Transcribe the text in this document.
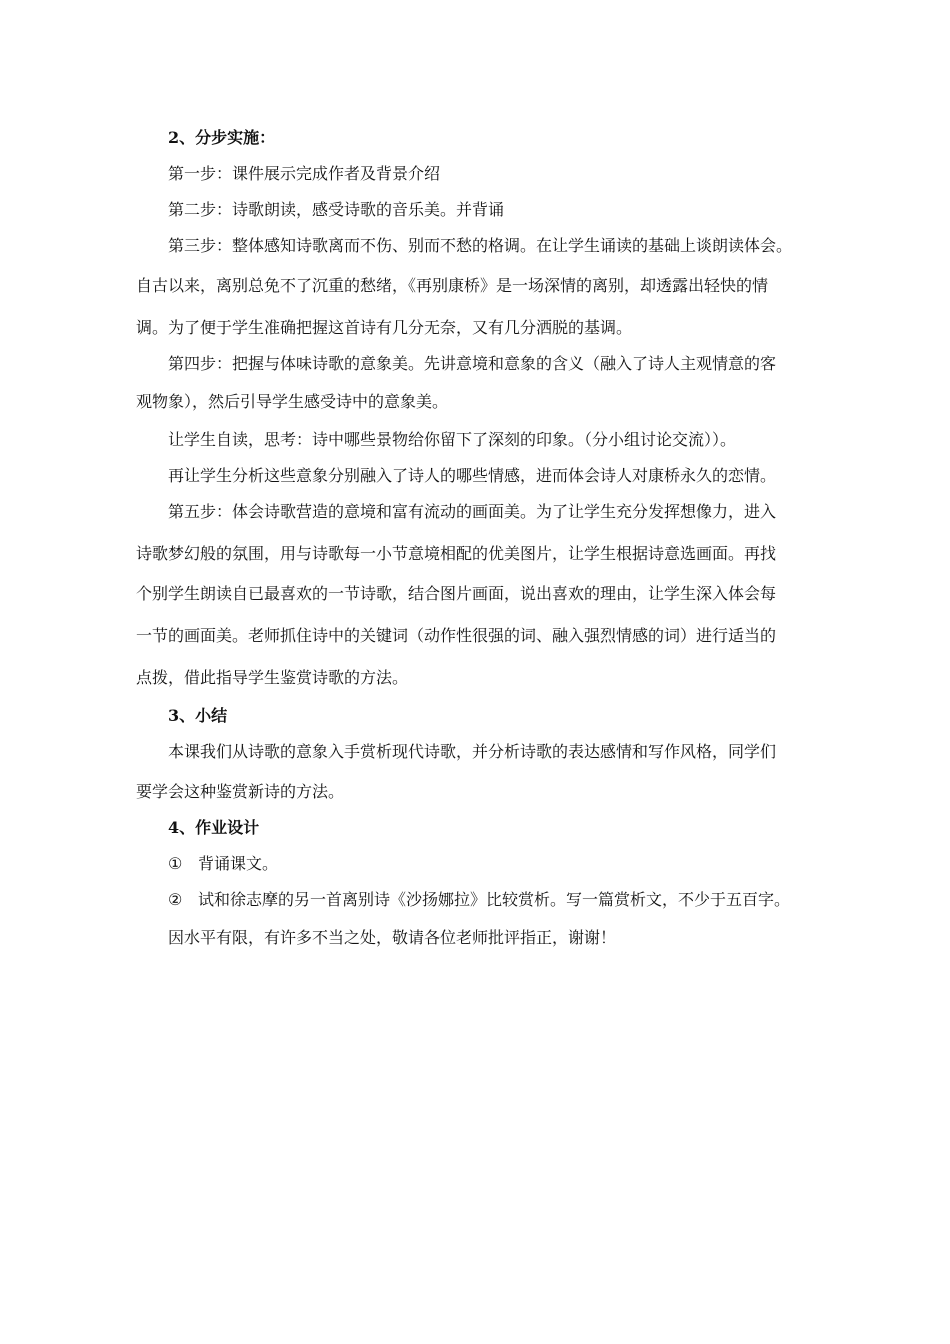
2、分步实施：
第一步：课件展示完成作者及背景介绍
第二步：诗歌朗读，感受诗歌的音乐美。并背诵
第三步：整体感知诗歌离而不伤、别而不愁的格调。在让学生诵读的基础上谈朗读体会。
自古以来，离别总免不了沉重的愁绪，《再别康桥》是一场深情的离别，却透露出轻快的情
调。为了便于学生准确把握这首诗有几分无奈，又有几分洒脱的基调。
第四步：把握与体味诗歌的意象美。先讲意境和意象的含义（融入了诗人主观情意的客
观物象），然后引导学生感受诗中的意象美。
让学生自读，思考：诗中哪些景物给你留下了深刻的印象。（分小组讨论交流））。
再让学生分析这些意象分别融入了诗人的哪些情感，进而体会诗人对康桥永久的恋情。
第五步：体会诗歌营造的意境和富有流动的画面美。为了让学生充分发挥想像力，进入
诗歌梦幻般的氛围，用与诗歌每一小节意境相配的优美图片，让学生根据诗意选画面。再找
个别学生朗读自已最喜欢的一节诗歌，结合图片画面，说出喜欢的理由，让学生深入体会每
一节的画面美。老师抓住诗中的关键词（动作性很强的词、融入强烈情感的词）进行适当的
点拨，借此指导学生鉴赏诗歌的方法。
3、小结
本课我们从诗歌的意象入手赏析现代诗歌，并分析诗歌的表达感情和写作风格，同学们
要学会这种鉴赏新诗的方法。
4、作业设计
① 背诵课文。
② 试和徐志摩的另一首离别诗《沙扬娜拉》比较赏析。写一篇赏析文，不少于五百字。
因水平有限，有许多不当之处，敬请各位老师批评指正，谢谢！
